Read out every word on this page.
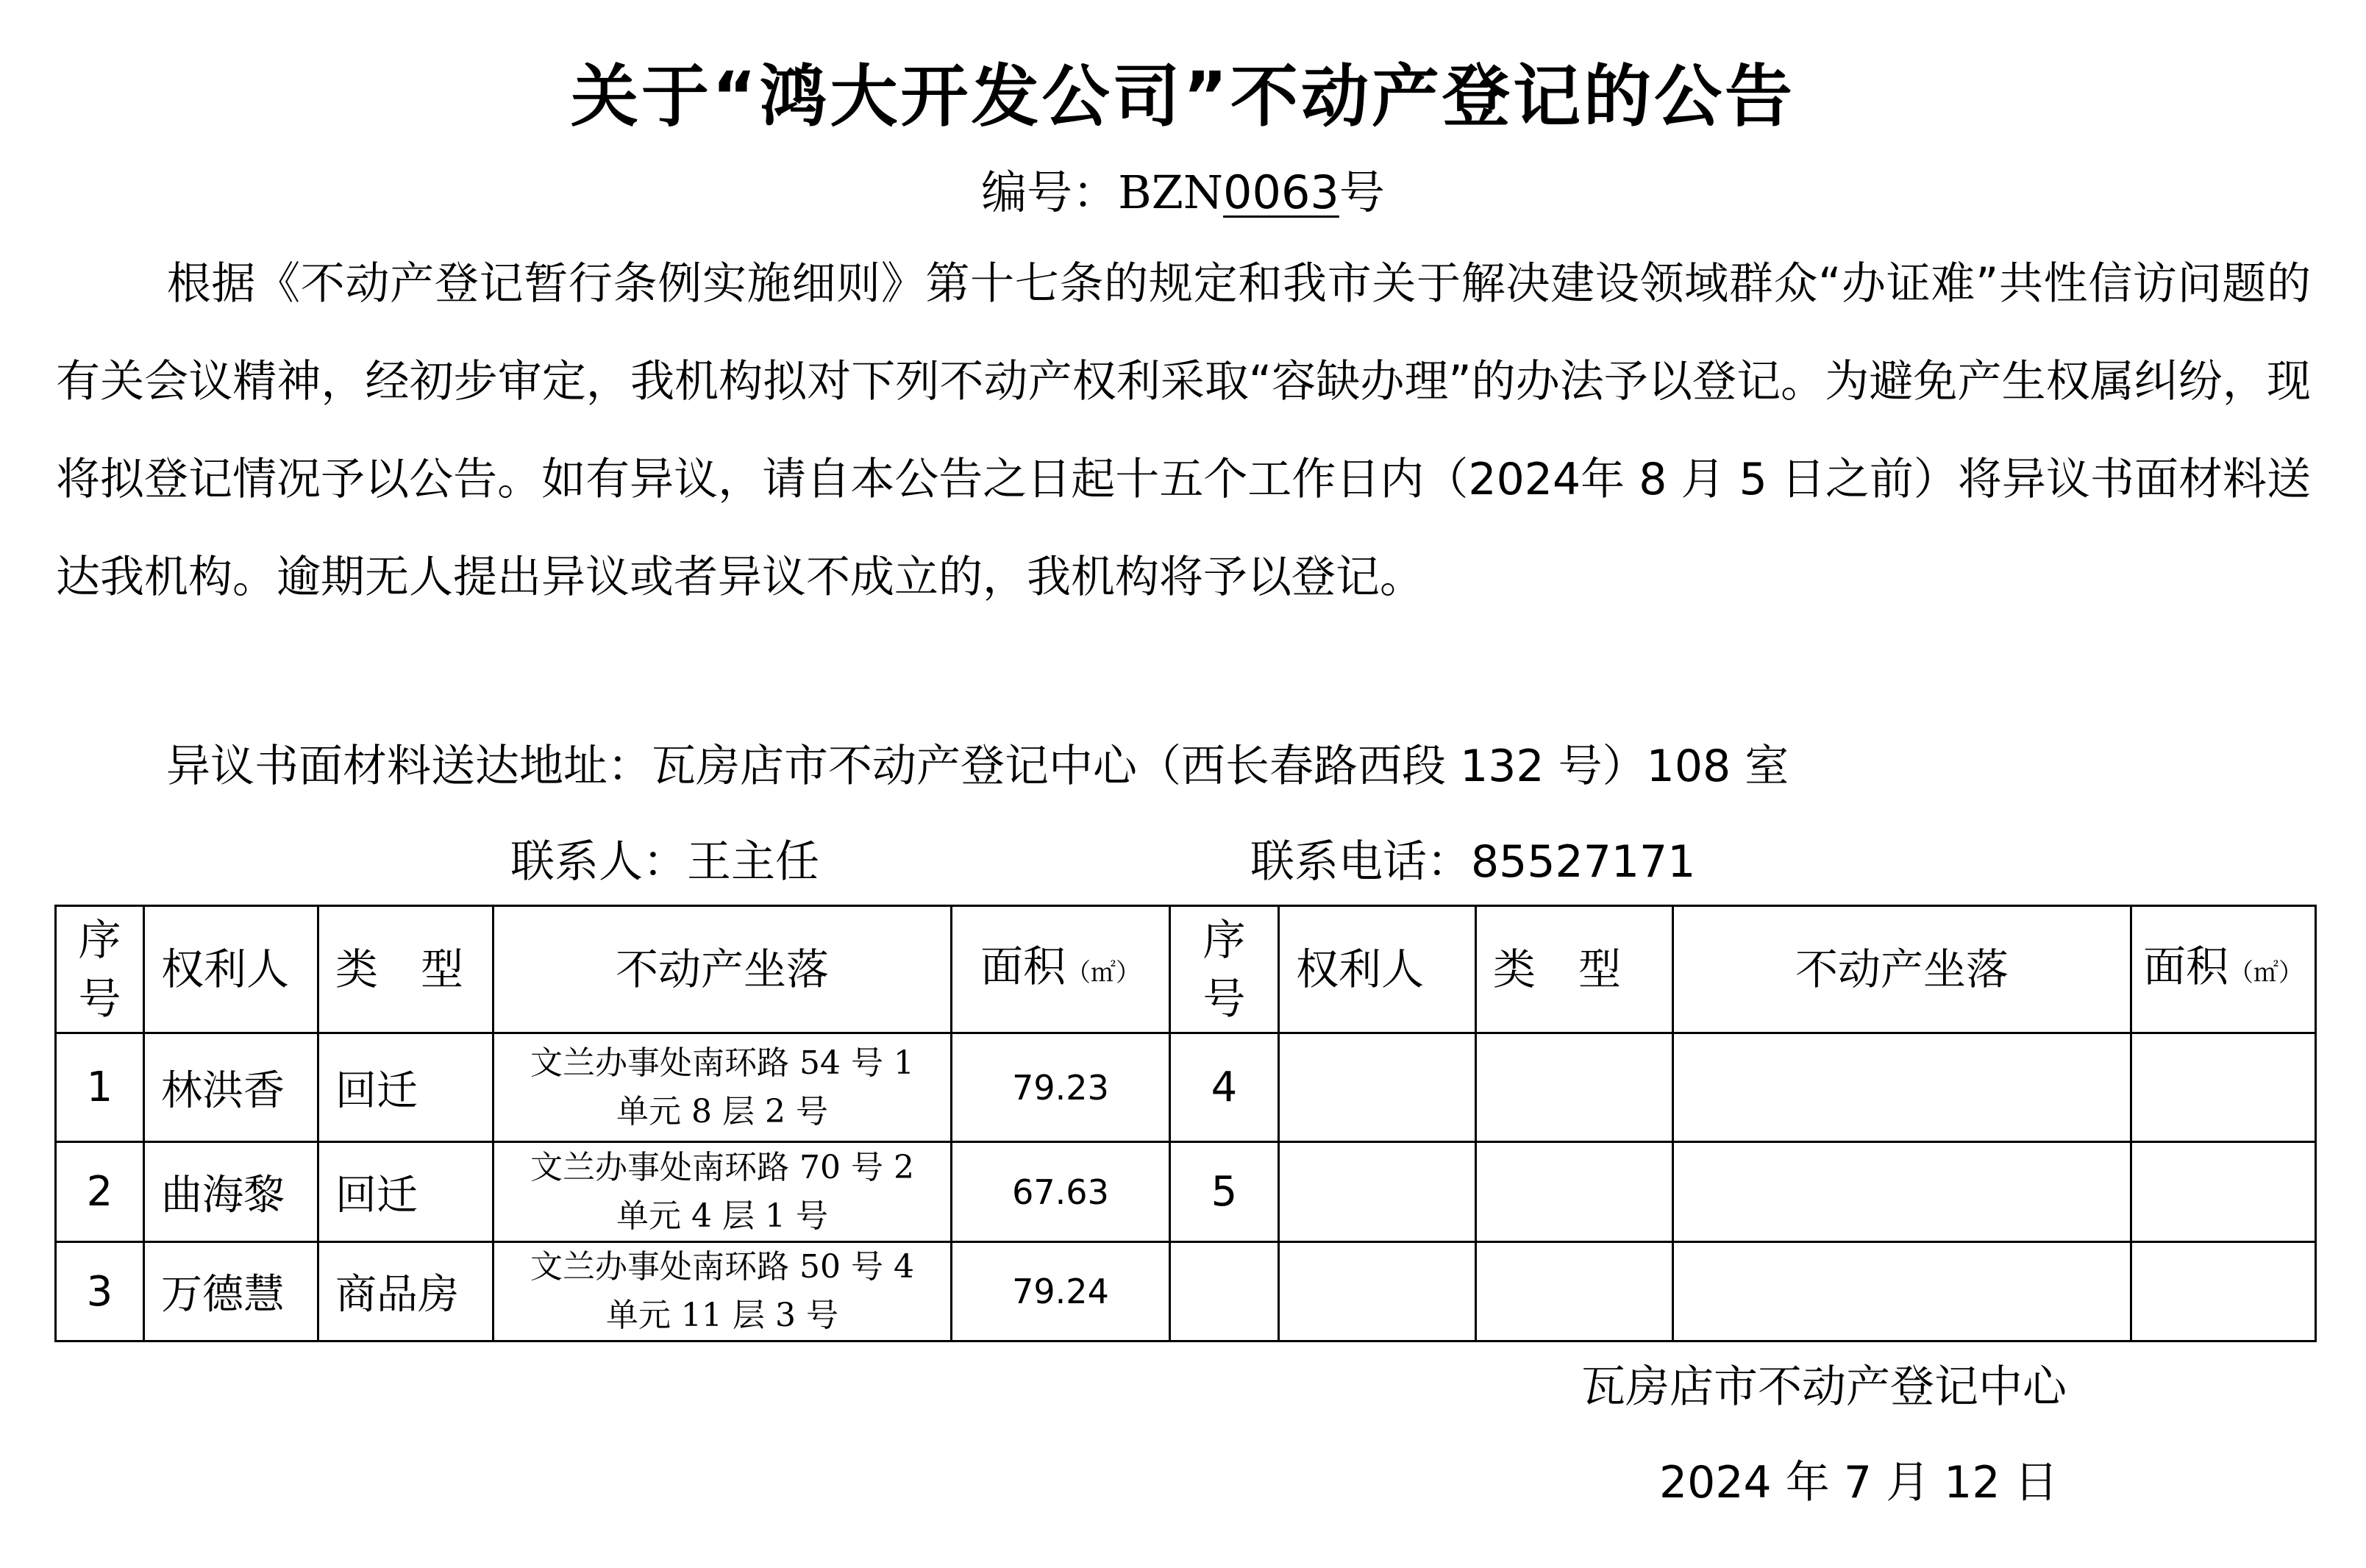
关于“鸿大开发公司”不动产登记的公告
编号：BZN0063号
根据《不动产登记暂行条例实施细则》第十七条的规定和我市关于解决建设领域群众“办证难”共性信访问题的有关会议精神，经初步审定，我机构拟对下列不动产权利采取“容缺办理”的办法予以登记。为避免产生权属纠纷，现将拟登记情况予以公告。如有异议，请自本公告之日起十五个工作日内（2024年 8 月 5 日之前）将异议书面材料送达我机构。逾期无人提出异议或者异议不成立的，我机构将予以登记。
异议书面材料送达地址：瓦房店市不动产登记中心（西长春路西段 132 号）108 室
联系人：王主任	联系电话：85527171
序
号	权利人	类　型	不动产坐落	面积（㎡）	序
号	权利人	类　型	不动产坐落	面积（㎡）
1	林洪香	回迁	文兰办事处南环路 54 号 1
单元 8 层 2 号	79.23	4				
2	曲海黎	回迁	文兰办事处南环路 70 号 2
单元 4 层 1 号	67.63	5				
3	万德慧	商品房	文兰办事处南环路 50 号 4
单元 11 层 3 号	79.24					
瓦房店市不动产登记中心
2024 年 7 月 12 日
